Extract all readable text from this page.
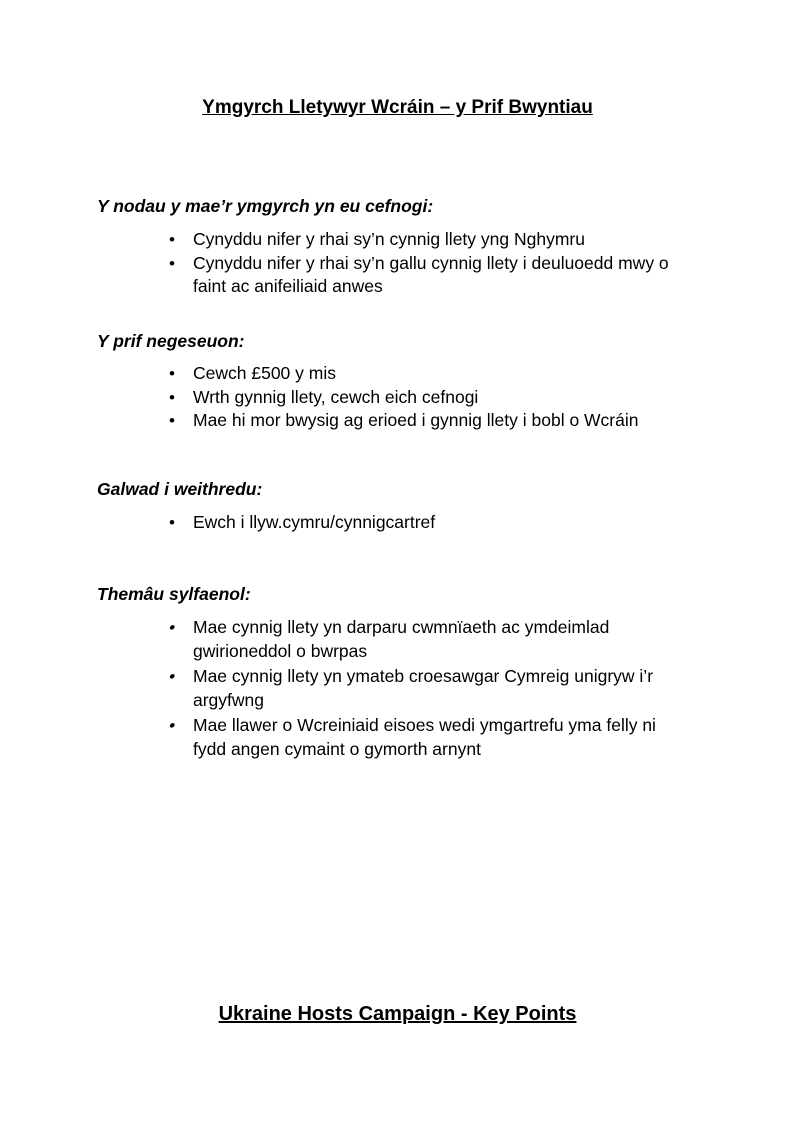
Ymgyrch Lletywyr Wcráin – y Prif Bwyntiau

Y nodau y mae’r ymgyrch yn eu cefnogi:

• Cynyddu nifer y rhai sy’n cynnig llety yng Nghymru
• Cynyddu nifer y rhai sy’n gallu cynnig llety i deuluoedd mwy o faint ac anifeiliaid anwes

Y prif negeseuon:

• Cewch £500 y mis
• Wrth gynnig llety, cewch eich cefnogi
• Mae hi mor bwysig ag erioed i gynnig llety i bobl o Wcráin

Galwad i weithredu:

• Ewch i llyw.cymru/cynnigcartref

Themâu sylfaenol:

• Mae cynnig llety yn darparu cwmnïaeth ac ymdeimlad gwirioneddol o bwrpas
• Mae cynnig llety yn ymateb croesawgar Cymreig unigryw i’r argyfwng
• Mae llawer o Wcreiniaid eisoes wedi ymgartrefu yma felly ni fydd angen cymaint o gymorth arnynt
Ukraine Hosts Campaign - Key Points
